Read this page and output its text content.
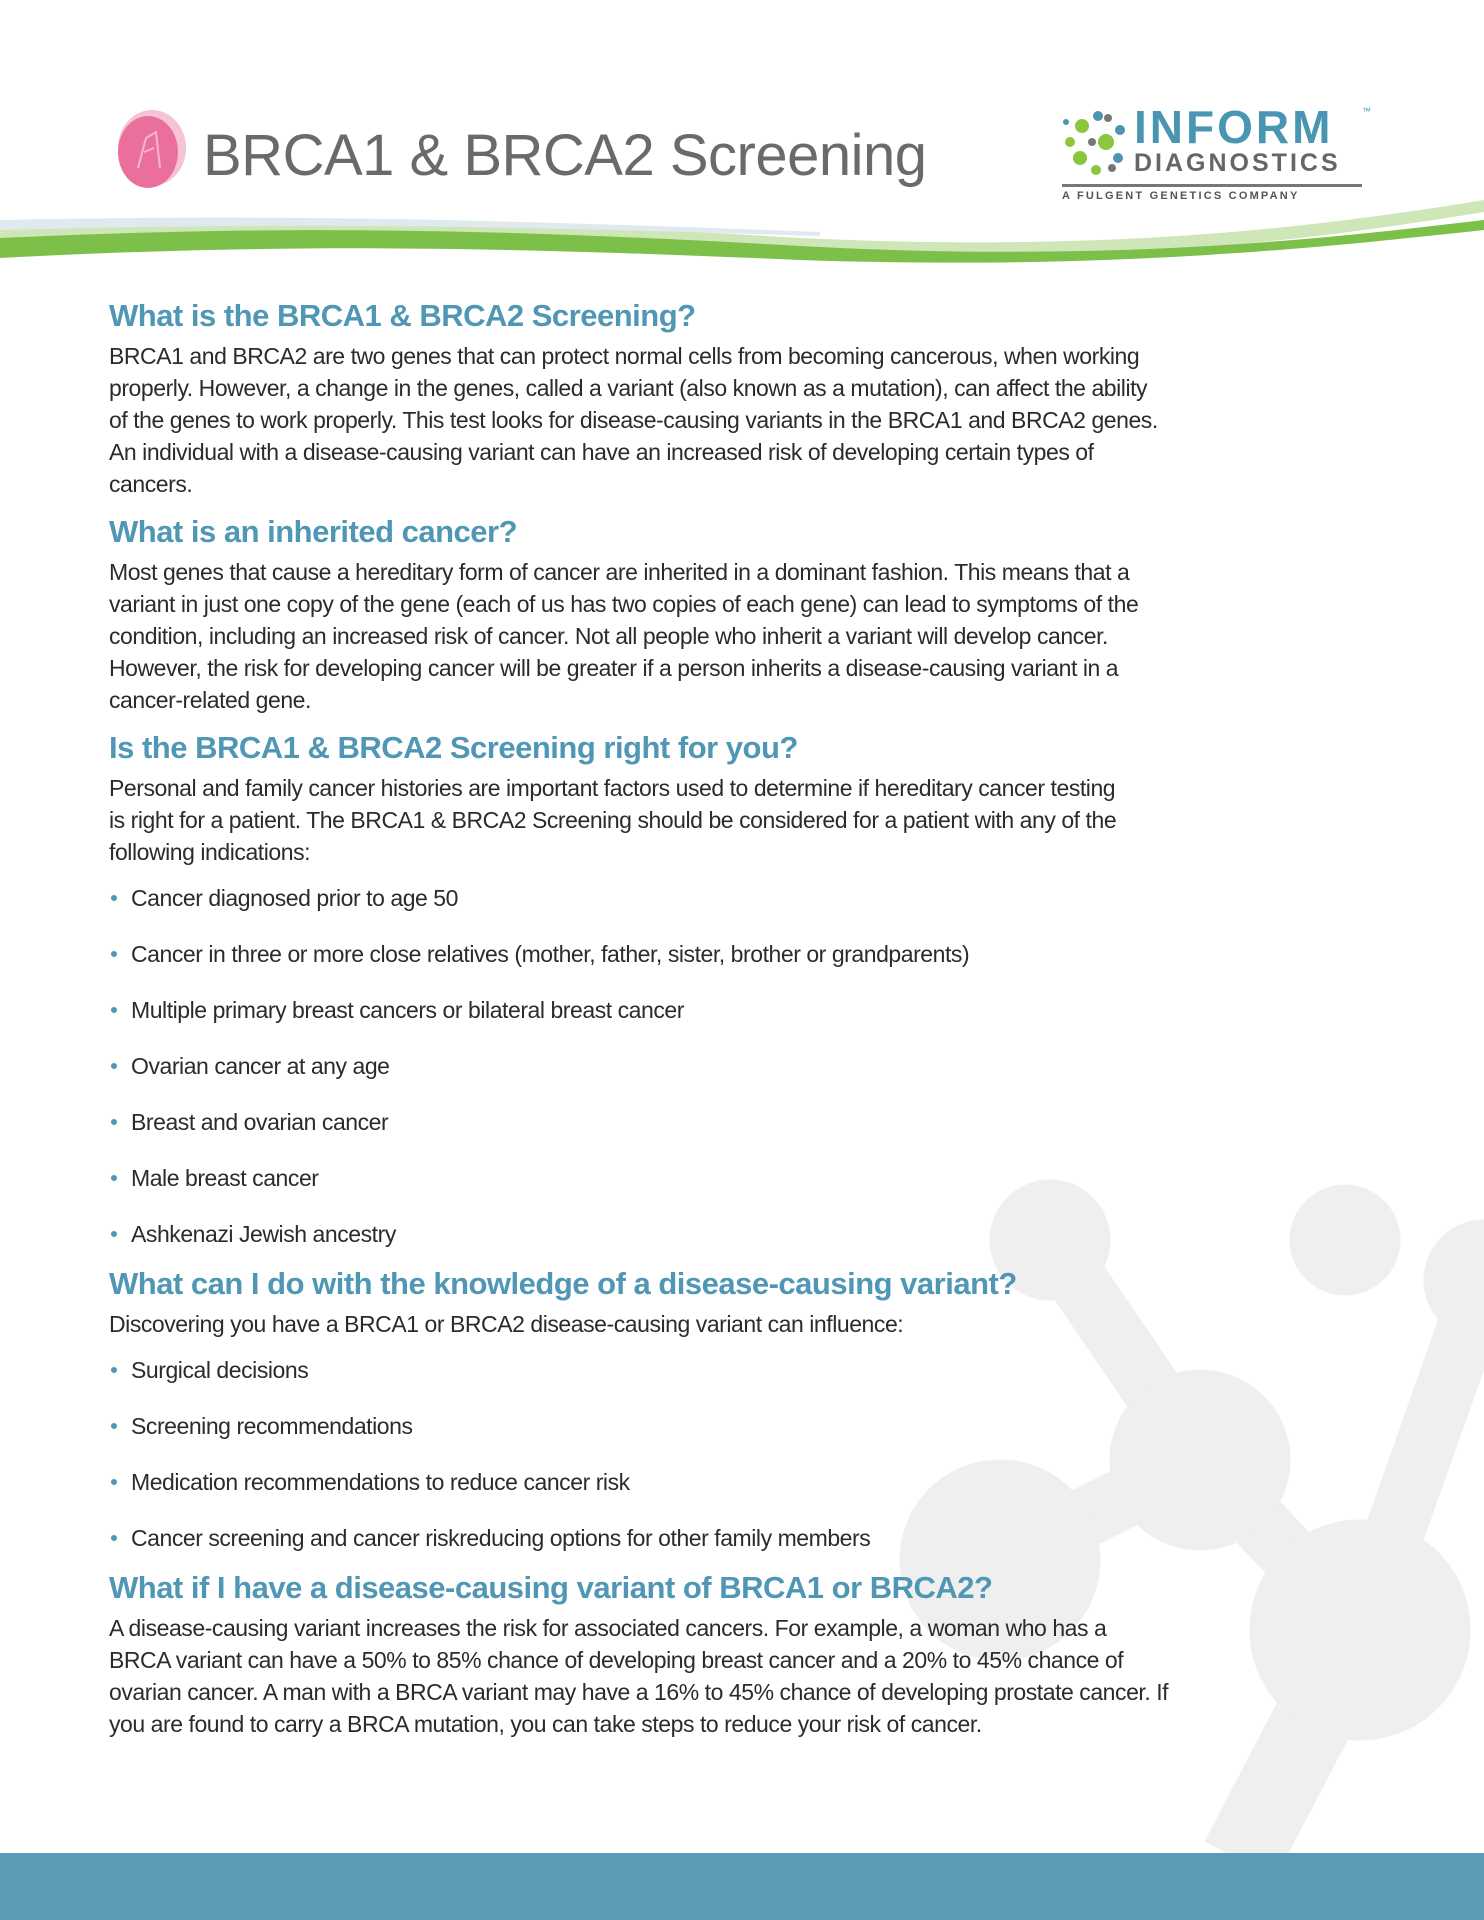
BRCA1 & BRCA2 Screening	INFORM	™
DIAGNOSTICS
A FULGENT GENETICS COMPANY
What is the BRCA1 & BRCA2 Screening?

BRCA1 and BRCA2 are two genes that can protect normal cells from becoming cancerous, when working
properly. However, a change in the genes, called a variant (also known as a mutation), can affect the ability
of the genes to work properly. This test looks for disease-causing variants in the BRCA1 and BRCA2 genes.
An individual with a disease-causing variant can have an increased risk of developing certain types of
cancers.

What is an inherited cancer?

Most genes that cause a hereditary form of cancer are inherited in a dominant fashion. This means that a
variant in just one copy of the gene (each of us has two copies of each gene) can lead to symptoms of the
condition, including an increased risk of cancer. Not all people who inherit a variant will develop cancer.
However, the risk for developing cancer will be greater if a person inherits a disease-causing variant in a
cancer-related gene.

Is the BRCA1 & BRCA2 Screening right for you?

Personal and family cancer histories are important factors used to determine if hereditary cancer testing
is right for a patient. The BRCA1 & BRCA2 Screening should be considered for a patient with any of the
following indications:

Cancer diagnosed prior to age 50
Cancer in three or more close relatives (mother, father, sister, brother or grandparents)
Multiple primary breast cancers or bilateral breast cancer
Ovarian cancer at any age
Breast and ovarian cancer
Male breast cancer
Ashkenazi Jewish ancestry
What can I do with the knowledge of a disease-causing variant?

Discovering you have a BRCA1 or BRCA2 disease-causing variant can influence:

Surgical decisions
Screening recommendations
Medication recommendations to reduce cancer risk
Cancer screening and cancer riskreducing options for other family members
What if I have a disease-causing variant of BRCA1 or BRCA2?

A disease-causing variant increases the risk for associated cancers. For example, a woman who has a
BRCA variant can have a 50% to 85% chance of developing breast cancer and a 20% to 45% chance of
ovarian cancer. A man with a BRCA variant may have a 16% to 45% chance of developing prostate cancer. If
you are found to carry a BRCA mutation, you can take steps to reduce your risk of cancer.
